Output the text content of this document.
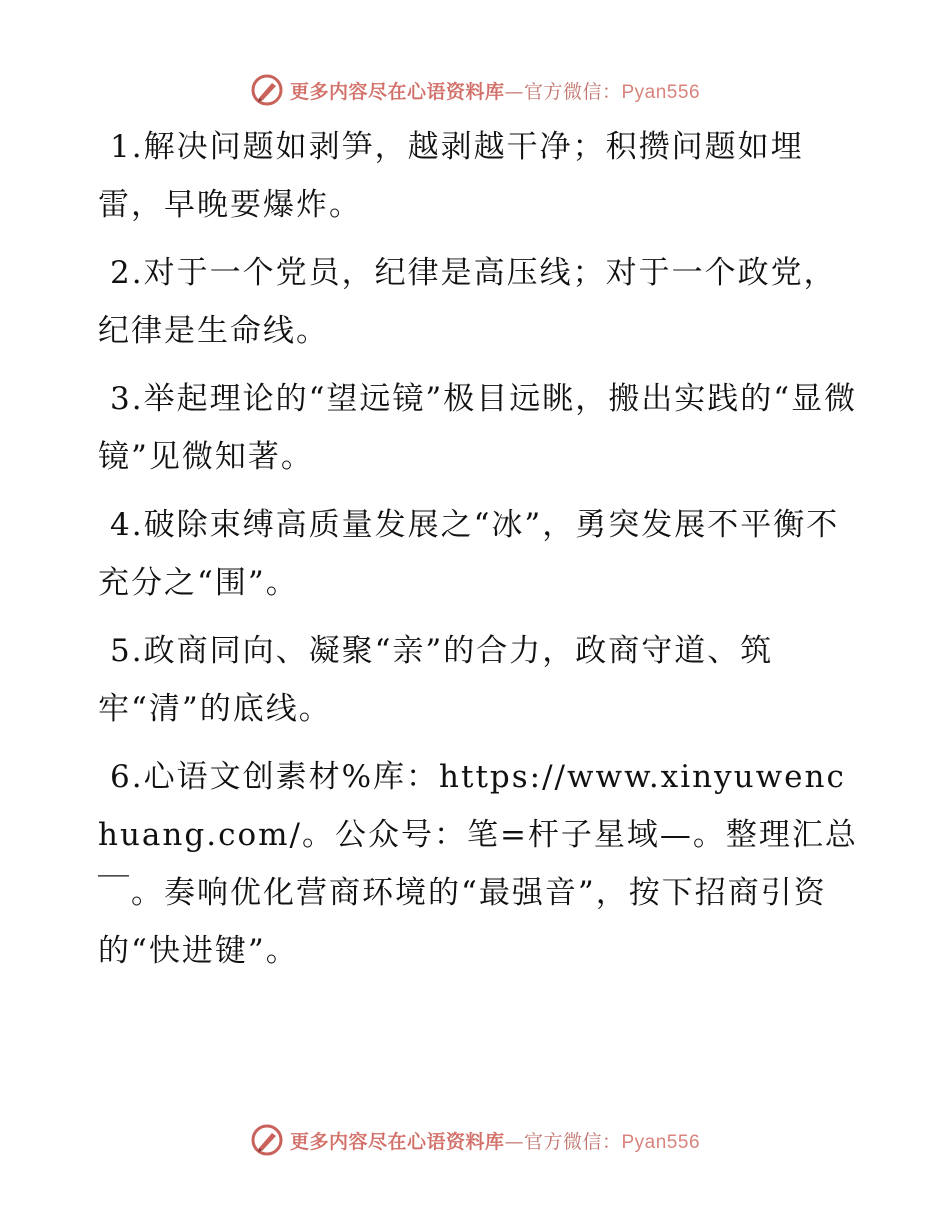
更多内容尽在心语资料库—官方微信：Pyan556

1.解决问题如剥笋，越剥越干净；积攒问题如埋雷，早晚要爆炸。

2.对于一个党员，纪律是高压线；对于一个政党，纪律是生命线。

3.举起理论的“望远镜”极目远眺，搬出实践的“显微镜”见微知著。

4.破除束缚高质量发展之“冰”，勇突发展不平衡不充分之“围”。

5.政商同向、凝聚“亲”的合力，政商守道、筑牢“清”的底线。

6.心语文创素材%库：https://www.xinyuwenchuang.com/。公众号：笔=杆子星域—。整理汇总￣。奏响优化营商环境的“最强音”，按下招商引资的“快进键”。

更多内容尽在心语资料库—官方微信：Pyan556
